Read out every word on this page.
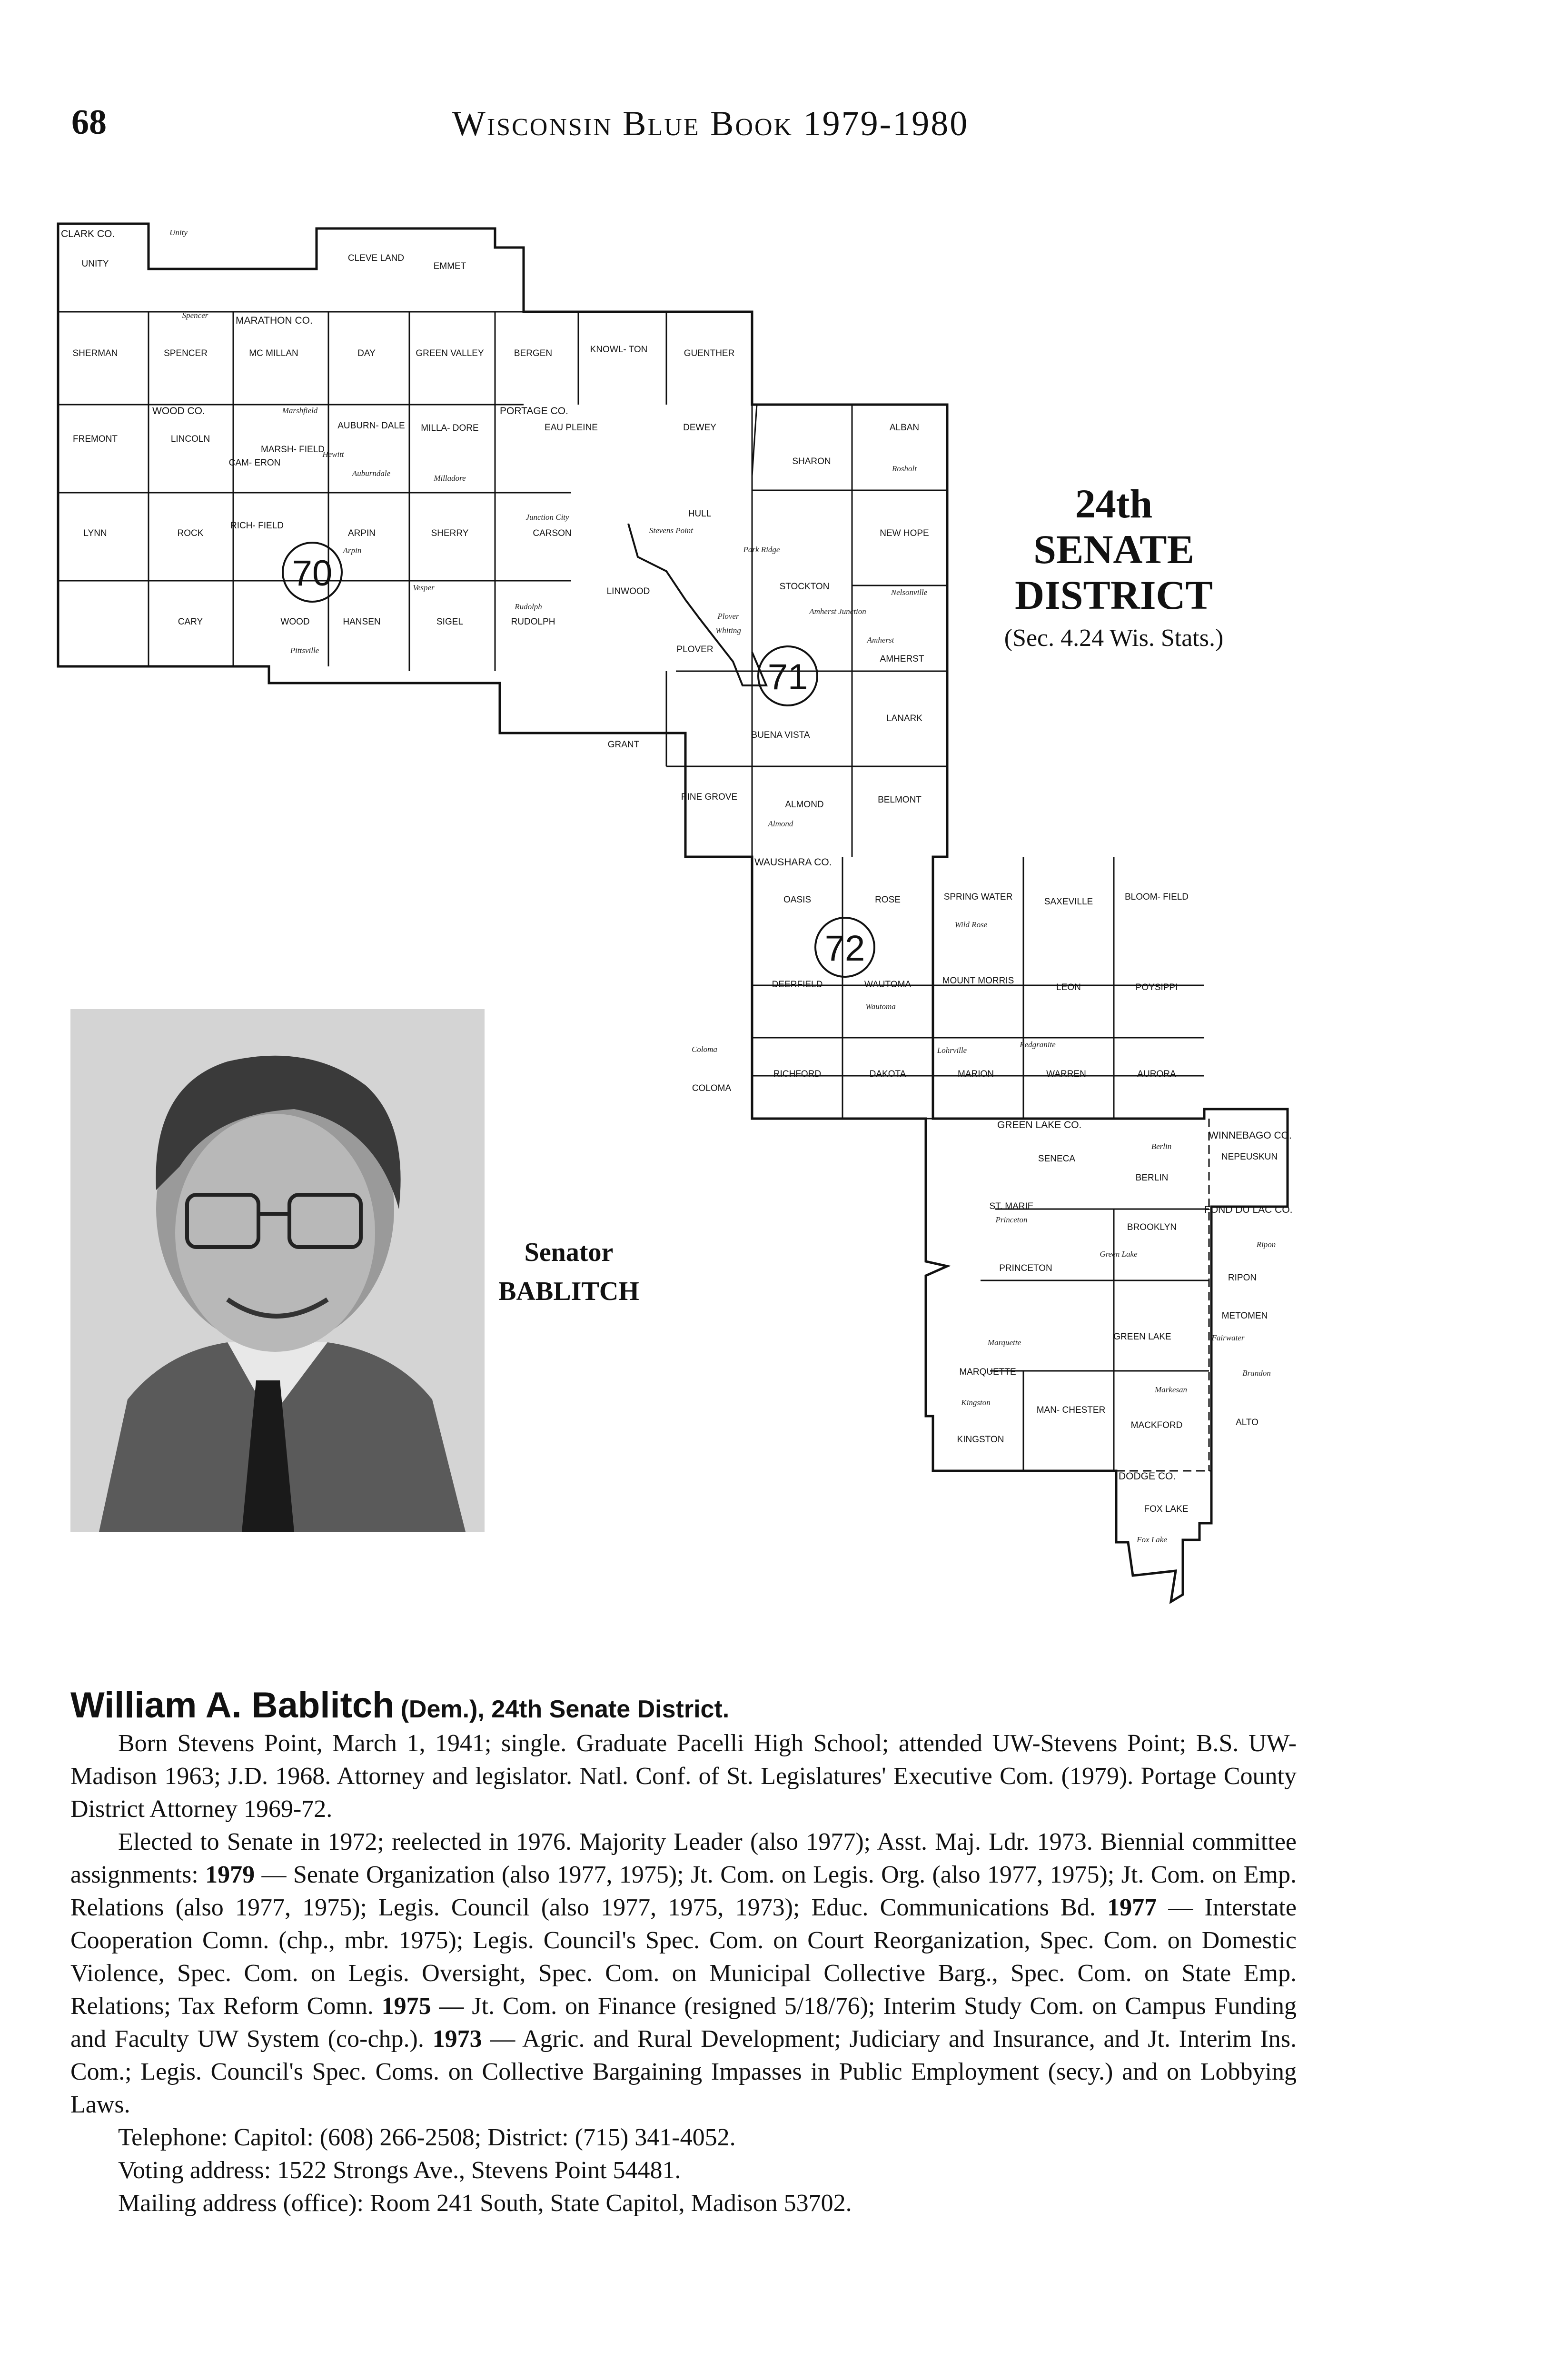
68	Wisconsin Blue Book 1979-1980
70
71
72
CLARK CO.
MARATHON CO.
WOOD CO.	PORTAGE CO.
WAUSHARA CO.
GREEN LAKE CO.
WINNEBAGO CO.
FOND DU LAC CO.
DODGE CO.
Unity
UNITY
CLEVE LAND
EMMET
Spencer
SHERMAN	SPENCER	MC MILLAN	DAY	GREEN VALLEY	BERGEN	KNOWL- TON	GUENTHER
FREMONT	LINCOLN
Marshfield
CAM- ERON
MARSH- FIELD
AUBURN- DALE
Hewitt
Auburndale
MILLA- DORE
Milladore
EAU PLEINE	DEWEY
SHARON
ALBAN
Rosholt
LYNN	ROCK
RICH- FIELD
ARPIN
Arpin
SHERRY
Junction City
CARSON
HULL
Stevens Point
Park Ridge
NEW HOPE
CARY	WOOD	HANSEN
Pittsville
Vesper
SIGEL
Rudolph
RUDOLPH
LINWOOD
Plover
Whiting
PLOVER
STOCKTON
Nelsonville
Amherst Junction
Amherst
AMHERST
GRANT
BUENA VISTA
LANARK
PINE GROVE
ALMOND
Almond
BELMONT
OASIS	ROSE	SPRING WATER
Wild Rose
SAXEVILLE	BLOOM- FIELD
DEERFIELD	WAUTOMA
Wautoma
MOUNT MORRIS
LEON	POYSIPPI
Coloma
COLOMA
RICHFORD	DAKOTA
Lohrville
Redgranite
MARION	WARREN	AURORA
SENECA
Berlin
BERLIN
NEPEUSKUN
ST. MARIE
Princeton
BROOKLYN
Green Lake
Ripon
PRINCETON
RIPON
METOMEN
Marquette
GREEN LAKE	Fairwater
Brandon
MARQUETTE
Markesan
Kingston
MAN- CHESTER
MACKFORD	ALTO
KINGSTON
FOX LAKE
Fox Lake
24th SENATE
DISTRICT
(Sec. 4.24 Wis. Stats.)
Senator
BABLITCH

William A. Bablitch (Dem.), 24th Senate District.

Born Stevens Point, March 1, 1941; single. Graduate Pacelli High School; attended UW-Stevens Point; B.S. UW-Madison 1963; J.D. 1968. Attorney and legislator. Natl. Conf. of St. Legislatures' Executive Com. (1979). Portage County District Attorney 1969-72.

Elected to Senate in 1972; reelected in 1976. Majority Leader (also 1977); Asst. Maj. Ldr. 1973. Biennial committee assignments: 1979 — Senate Organization (also 1977, 1975); Jt. Com. on Legis. Org. (also 1977, 1975); Jt. Com. on Emp. Relations (also 1977, 1975); Legis. Council (also 1977, 1975, 1973); Educ. Communications Bd. 1977 — Interstate Cooperation Comn. (chp., mbr. 1975); Legis. Council's Spec. Com. on Court Reorganization, Spec. Com. on Domestic Violence, Spec. Com. on Legis. Oversight, Spec. Com. on Municipal Collective Barg., Spec. Com. on State Emp. Relations; Tax Reform Comn. 1975 — Jt. Com. on Finance (resigned 5/18/76); Interim Study Com. on Campus Funding and Faculty UW System (co-chp.). 1973 — Agric. and Rural Development; Judiciary and Insurance, and Jt. Interim Ins. Com.; Legis. Council's Spec. Coms. on Collective Bargaining Impasses in Public Employment (secy.) and on Lobbying Laws.

Telephone: Capitol: (608) 266-2508; District: (715) 341-4052.

Voting address: 1522 Strongs Ave., Stevens Point 54481.

Mailing address (office): Room 241 South, State Capitol, Madison 53702.
